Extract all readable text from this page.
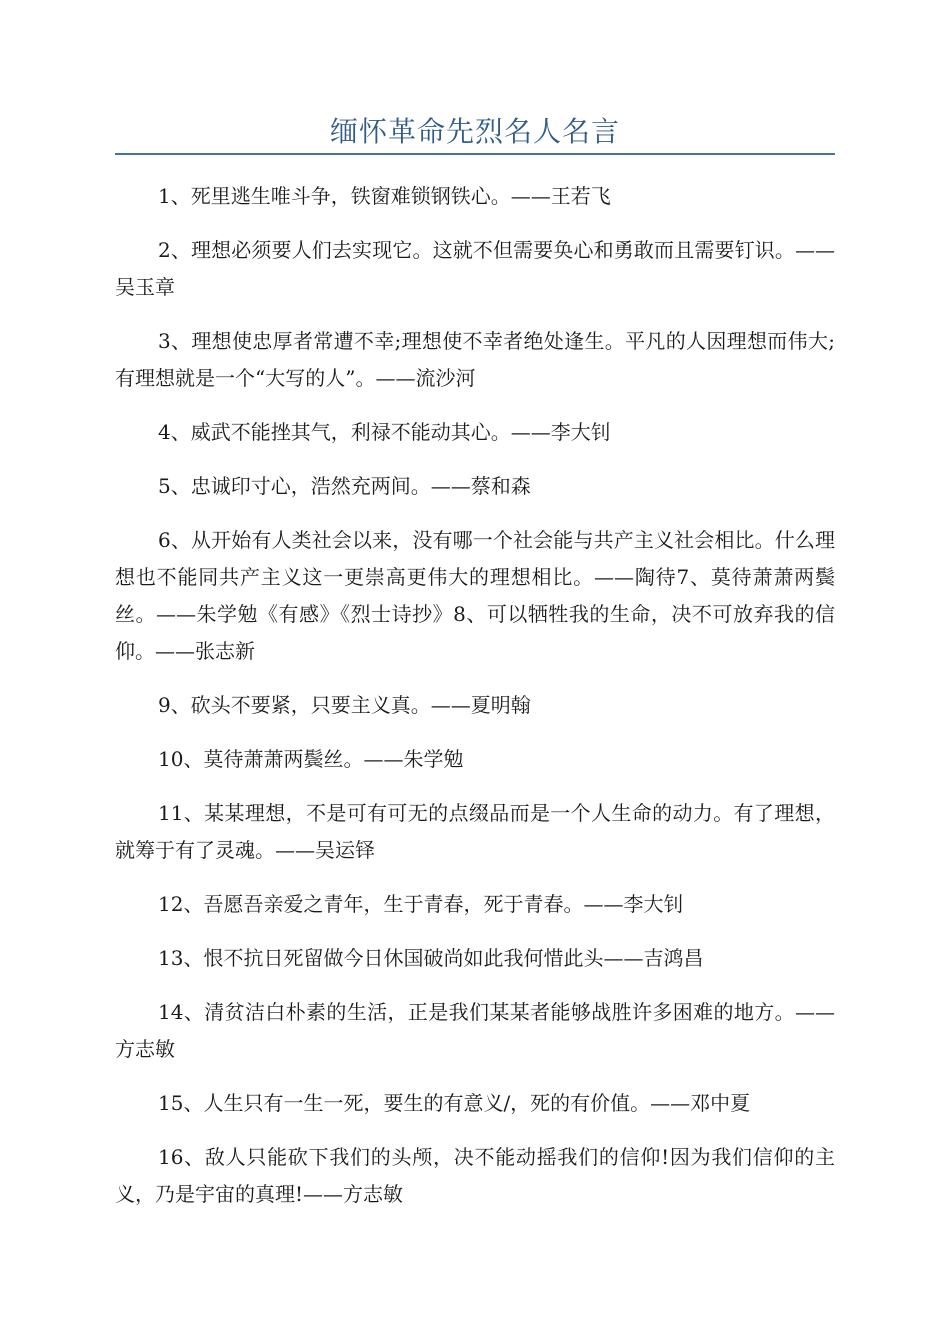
缅怀革命先烈名人名言

1、死里逃生唯斗争，铁窗难锁钢铁心。——王若飞

2、理想必须要人们去实现它。这就不但需要奂心和勇敢而且需要钉识。——吴玉章

3、理想使忠厚者常遭不幸;理想使不幸者绝处逢生。平凡的人因理想而伟大;有理想就是一个“大写的人”。——流沙河

4、威武不能挫其气，利禄不能动其心。——李大钊

5、忠诚印寸心，浩然充两间。——蔡和森

6、从开始有人类社会以来，没有哪一个社会能与共产主义社会相比。什么理想也不能同共产主义这一更崇高更伟大的理想相比。——陶待7、莫待萧萧两鬓丝。——朱学勉《有感》《烈士诗抄》8、可以牺牲我的生命，决不可放弃我的信仰。——张志新

9、砍头不要紧，只要主义真。——夏明翰

10、莫待萧萧两鬓丝。——朱学勉

11、某某理想，不是可有可无的点缀品而是一个人生命的动力。有了理想，就筹于有了灵魂。——吴运铎

12、吾愿吾亲爱之青年，生于青春，死于青春。——李大钊

13、恨不抗日死留做今日休国破尚如此我何惜此头——吉鸿昌

14、清贫洁白朴素的生活，正是我们某某者能够战胜许多困难的地方。——方志敏

15、人生只有一生一死，要生的有意义/，死的有价值。——邓中夏

16、敌人只能砍下我们的头颅，决不能动摇我们的信仰!因为我们信仰的主义，乃是宇宙的真理!——方志敏
